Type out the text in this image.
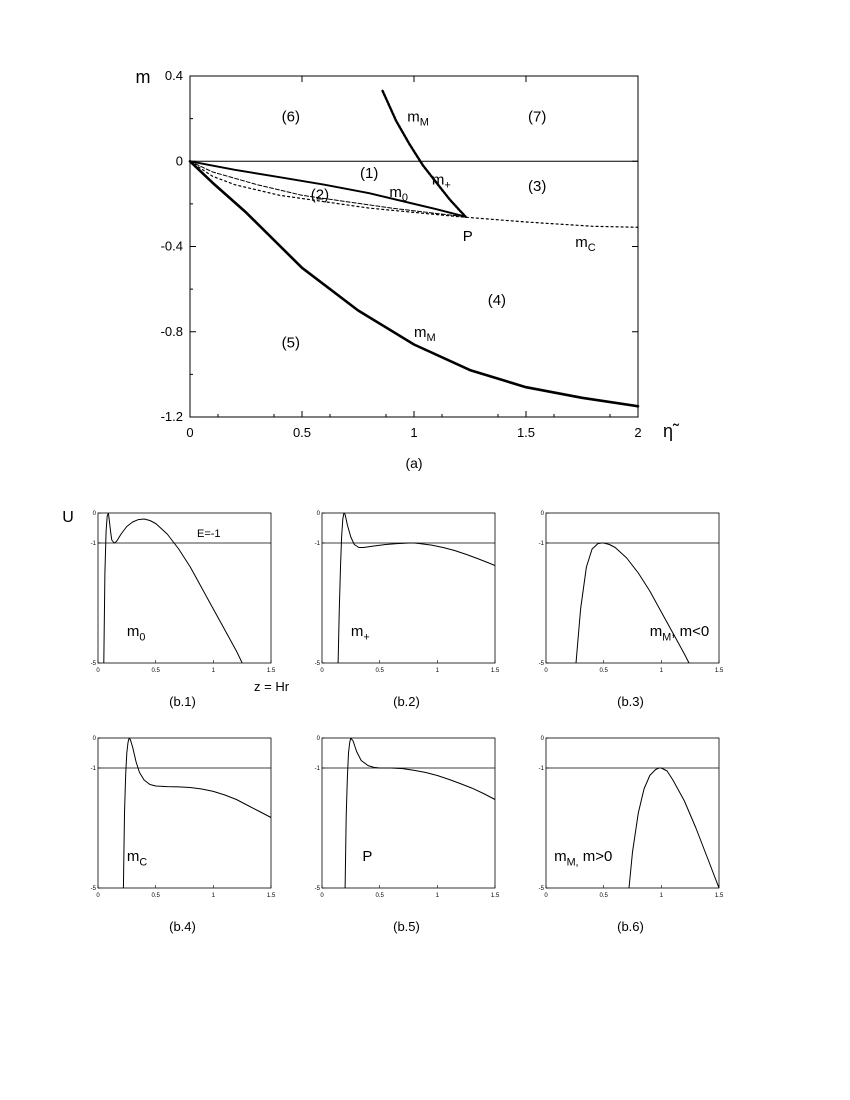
0	0.5	1	1.5	2
0.4
0
-0.4
-0.8
-1.2
m
η̃
(a)
(6)	(7)
(1)
(3)
(2)
(4)
(5)
P
$m_M$
$m_+$
$m_0$
$m_C$
$m_M$
U
0	0.5	1	1.5
0
-1
-5
$m_0$
(b.1)
0	0.5	1	1.5
0
-1
-5
$m_+$
(b.2)
0	0.5	1	1.5
0
-1
-5
$m_M$, m<0
(b.3)
0	0.5	1	1.5
0
-1
-5
$m_C$
(b.4)
0	0.5	1	1.5
0
-1
-5
P
(b.5)
0	0.5	1	1.5
0
-1
-5
$m_{M,}$ m>0
(b.6)
E=-1
z = Hr
